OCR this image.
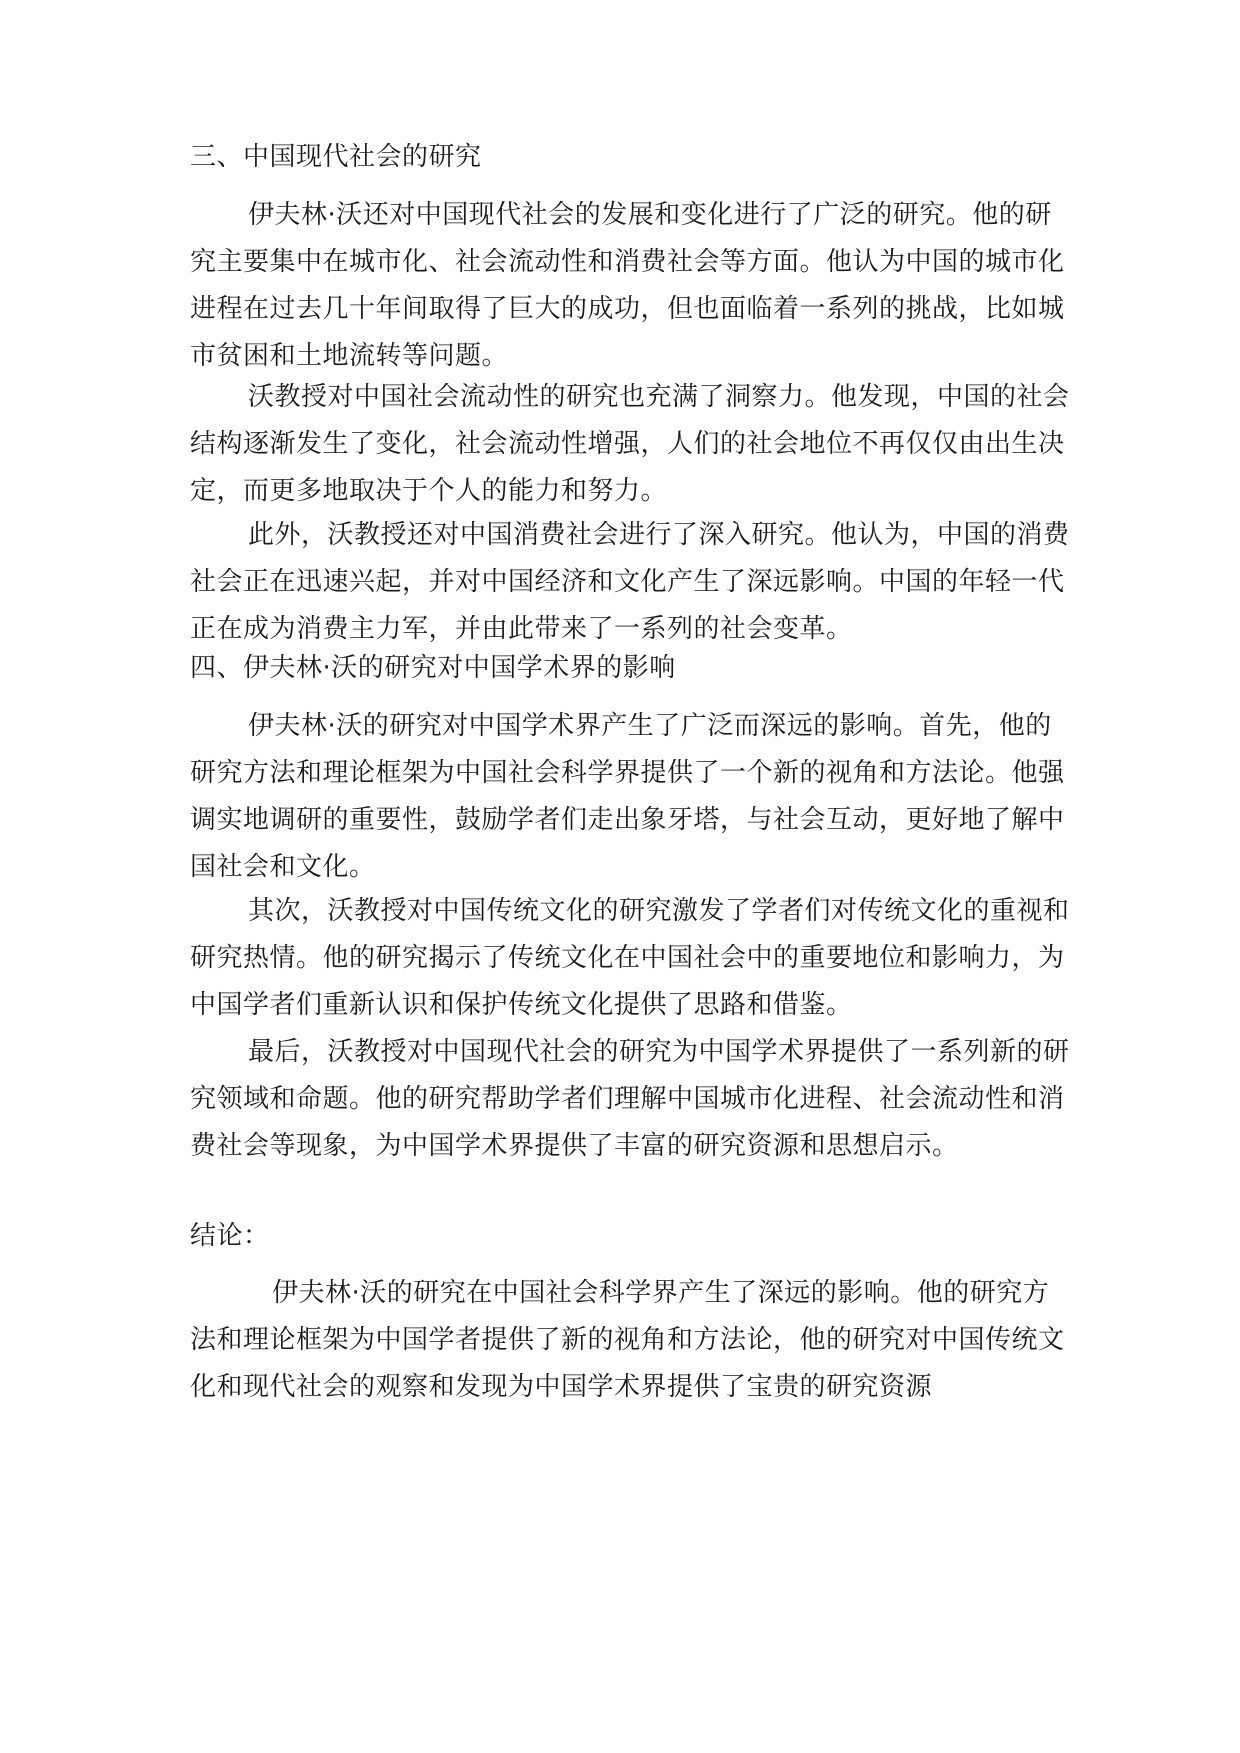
三、中国现代社会的研究
伊夫林·沃还对中国现代社会的发展和变化进行了广泛的研究。他的研究主要集中在城市化、社会流动性和消费社会等方面。他认为中国的城市化进程在过去几十年间取得了巨大的成功，但也面临着一系列的挑战，比如城市贫困和土地流转等问题。
沃教授对中国社会流动性的研究也充满了洞察力。他发现，中国的社会结构逐渐发生了变化，社会流动性增强，人们的社会地位不再仅仅由出生决定，而更多地取决于个人的能力和努力。
此外，沃教授还对中国消费社会进行了深入研究。他认为，中国的消费社会正在迅速兴起，并对中国经济和文化产生了深远影响。中国的年轻一代正在成为消费主力军，并由此带来了一系列的社会变革。
四、伊夫林·沃的研究对中国学术界的影响
伊夫林·沃的研究对中国学术界产生了广泛而深远的影响。首先，他的研究方法和理论框架为中国社会科学界提供了一个新的视角和方法论。他强调实地调研的重要性，鼓励学者们走出象牙塔，与社会互动，更好地了解中国社会和文化。
其次，沃教授对中国传统文化的研究激发了学者们对传统文化的重视和研究热情。他的研究揭示了传统文化在中国社会中的重要地位和影响力，为中国学者们重新认识和保护传统文化提供了思路和借鉴。
最后，沃教授对中国现代社会的研究为中国学术界提供了一系列新的研究领域和命题。他的研究帮助学者们理解中国城市化进程、社会流动性和消费社会等现象，为中国学术界提供了丰富的研究资源和思想启示。
结论：
伊夫林·沃的研究在中国社会科学界产生了深远的影响。他的研究方法和理论框架为中国学者提供了新的视角和方法论，他的研究对中国传统文化和现代社会的观察和发现为中国学术界提供了宝贵的研究资源
